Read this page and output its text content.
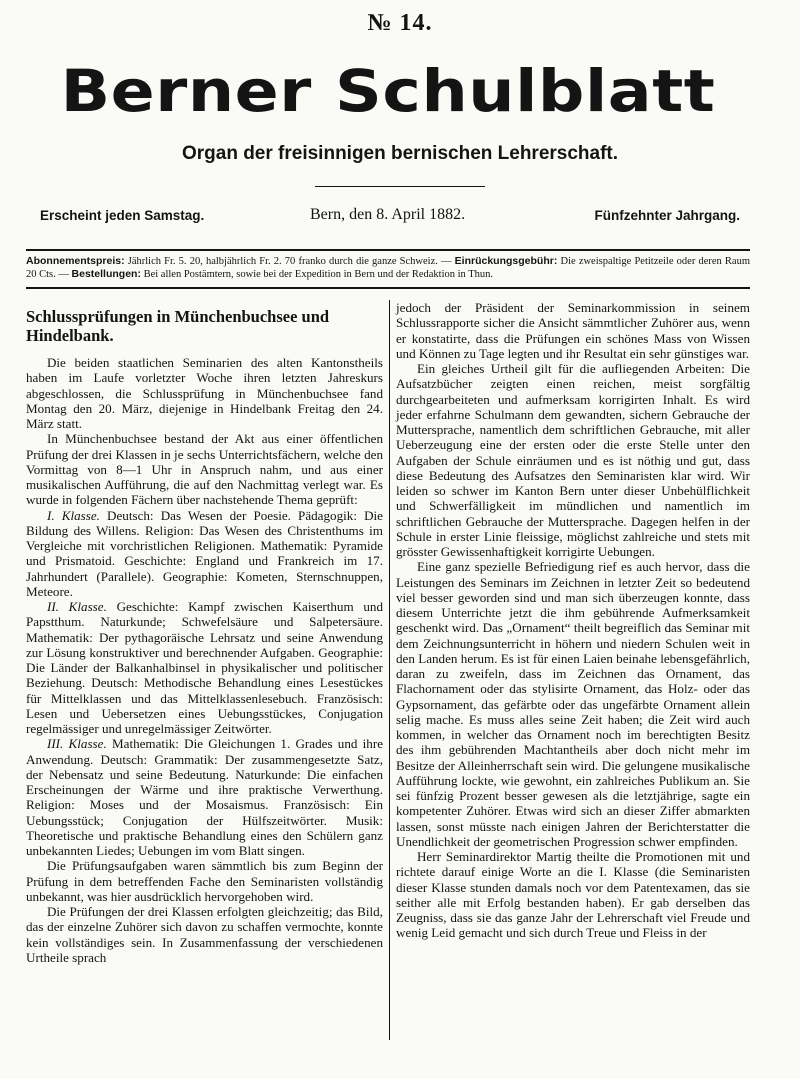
№ 14.
Berner Schulblatt
Organ der freisinnigen bernischen Lehrerschaft.
Erscheint jeden Samstag.	Bern, den 8. April 1882.	Fünfzehnter Jahrgang.
Abonnementspreis: Jährlich Fr. 5. 20, halbjährlich Fr. 2. 70 franko durch die ganze Schweiz. — Einrückungsgebühr: Die zweispaltige Petitzeile oder deren Raum 20 Cts. — Bestellungen: Bei allen Postämtern, sowie bei der Expedition in Bern und der Redaktion in Thun.

Schlussprüfungen in Münchenbuchsee und Hindelbank.

Die beiden staatlichen Seminarien des alten Kantonstheils haben im Laufe vorletzter Woche ihren letzten Jahreskurs abgeschlossen, die Schlussprüfung in Münchenbuchsee fand Montag den 20. März, diejenige in Hindelbank Freitag den 24. März statt.

In Münchenbuchsee bestand der Akt aus einer öffentlichen Prüfung der drei Klassen in je sechs Unterrichtsfächern, welche den Vormittag von 8—1 Uhr in Anspruch nahm, und aus einer musikalischen Aufführung, die auf den Nachmittag verlegt war. Es wurde in folgenden Fächern über nachstehende Thema geprüft:

I. Klasse. Deutsch: Das Wesen der Poesie. Pädagogik: Die Bildung des Willens. Religion: Das Wesen des Christenthums im Vergleiche mit vorchristlichen Religionen. Mathematik: Pyramide und Prismatoid. Geschichte: England und Frankreich im 17. Jahrhundert (Parallele). Geographie: Kometen, Sternschnuppen, Meteore.

II. Klasse. Geschichte: Kampf zwischen Kaiserthum und Papstthum. Naturkunde; Schwefelsäure und Salpetersäure. Mathematik: Der pythagoräische Lehrsatz und seine Anwendung zur Lösung konstruktiver und berechnender Aufgaben. Geographie: Die Länder der Balkanhalbinsel in physikalischer und politischer Beziehung. Deutsch: Methodische Behandlung eines Lesestückes für Mittelklassen und das Mittelklassenlesebuch. Französisch: Lesen und Uebersetzen eines Uebungsstückes, Conjugation regelmässiger und unregelmässiger Zeitwörter.

III. Klasse. Mathematik: Die Gleichungen 1. Grades und ihre Anwendung. Deutsch: Grammatik: Der zusammengesetzte Satz, der Nebensatz und seine Bedeutung. Naturkunde: Die einfachen Erscheinungen der Wärme und ihre praktische Verwerthung. Religion: Moses und der Mosaismus. Französisch: Ein Uebungsstück; Conjugation der Hülfszeitwörter. Musik: Theoretische und praktische Behandlung eines den Schülern ganz unbekannten Liedes; Uebungen im vom Blatt singen.

Die Prüfungsaufgaben waren sämmtlich bis zum Beginn der Prüfung in dem betreffenden Fache den Seminaristen vollständig unbekannt, was hier ausdrücklich hervorgehoben wird.

Die Prüfungen der drei Klassen erfolgten gleichzeitig; das Bild, das der einzelne Zuhörer sich davon zu schaffen vermochte, konnte kein vollständiges sein. In Zusammenfassung der verschiedenen Urtheile sprach

jedoch der Präsident der Seminarkommission in seinem Schlussrapporte sicher die Ansicht sämmtlicher Zuhörer aus, wenn er konstatirte, dass die Prüfungen ein schönes Mass von Wissen und Können zu Tage legten und ihr Resultat ein sehr günstiges war.

Ein gleiches Urtheil gilt für die aufliegenden Arbeiten: Die Aufsatzbücher zeigten einen reichen, meist sorgfältig durchgearbeiteten und aufmerksam korrigirten Inhalt. Es wird jeder erfahrne Schulmann dem gewandten, sichern Gebrauche der Muttersprache, namentlich dem schriftlichen Gebrauche, mit aller Ueberzeugung eine der ersten oder die erste Stelle unter den Aufgaben der Schule einräumen und es ist nöthig und gut, dass diese Bedeutung des Aufsatzes den Seminaristen klar wird. Wir leiden so schwer im Kanton Bern unter dieser Unbehülflichkeit und Schwerfälligkeit im mündlichen und namentlich im schriftlichen Gebrauche der Muttersprache. Dagegen helfen in der Schule in erster Linie fleissige, möglichst zahlreiche und stets mit grösster Gewissenhaftigkeit korrigirte Uebungen.

Eine ganz spezielle Befriedigung rief es auch hervor, dass die Leistungen des Seminars im Zeichnen in letzter Zeit so bedeutend viel besser geworden sind und man sich überzeugen konnte, dass diesem Unterrichte jetzt die ihm gebührende Aufmerksamkeit geschenkt wird. Das „Ornament“ theilt begreiflich das Seminar mit dem Zeichnungsunterricht in höhern und niedern Schulen weit in den Landen herum. Es ist für einen Laien beinahe lebensgefährlich, daran zu zweifeln, dass im Zeichnen das Ornament, das Flachornament oder das stylisirte Ornament, das Holz- oder das Gypsornament, das gefärbte oder das ungefärbte Ornament allein selig mache. Es muss alles seine Zeit haben; die Zeit wird auch kommen, in welcher das Ornament noch im berechtigten Besitz des ihm gebührenden Machtantheils aber doch nicht mehr im Besitze der Alleinherrschaft sein wird. Die gelungene musikalische Aufführung lockte, wie gewohnt, ein zahlreiches Publikum an. Sie sei fünfzig Prozent besser gewesen als die letztjährige, sagte ein kompetenter Zuhörer. Etwas wird sich an dieser Ziffer abmarkten lassen, sonst müsste nach einigen Jahren der Berichterstatter die Unendlichkeit der geometrischen Progression schwer empfinden.

Herr Seminardirektor Martig theilte die Promotionen mit und richtete darauf einige Worte an die I. Klasse (die Seminaristen dieser Klasse stunden damals noch vor dem Patentexamen, das sie seither alle mit Erfolg bestanden haben). Er gab derselben das Zeugniss, dass sie das ganze Jahr der Lehrerschaft viel Freude und wenig Leid gemacht und sich durch Treue und Fleiss in der
